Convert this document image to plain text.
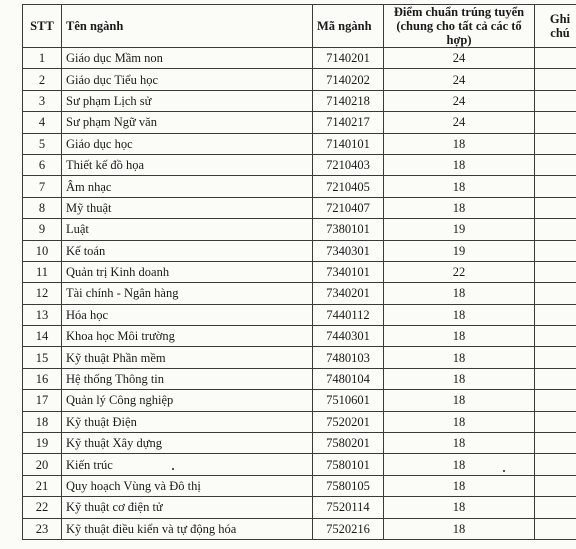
STT	Tên ngành	Mã ngành	Điểm chuẩn trúng tuyển (chung cho tất cả các tổ hợp)	Ghi chú
1	Giáo dục Mầm non	7140201	24	
2	Giáo dục Tiểu học	7140202	24	
3	Sư phạm Lịch sử	7140218	24	
4	Sư phạm Ngữ văn	7140217	24	
5	Giáo dục học	7140101	18	
6	Thiết kế đồ họa	7210403	18	
7	Âm nhạc	7210405	18	
8	Mỹ thuật	7210407	18	
9	Luật	7380101	19	
10	Kế toán	7340301	19	
11	Quản trị Kinh doanh	7340101	22	
12	Tài chính - Ngân hàng	7340201	18	
13	Hóa học	7440112	18	
14	Khoa học Môi trường	7440301	18	
15	Kỹ thuật Phần mềm	7480103	18	
16	Hệ thống Thông tin	7480104	18	
17	Quản lý Công nghiệp	7510601	18	
18	Kỹ thuật Điện	7520201	18	
19	Kỹ thuật Xây dựng	7580201	18	
20	Kiến trúc	7580101	18	
21	Quy hoạch Vùng và Đô thị	7580105	18	
22	Kỹ thuật cơ điện tử	7520114	18	
23	Kỹ thuật điều kiển và tự động hóa	7520216	18	
